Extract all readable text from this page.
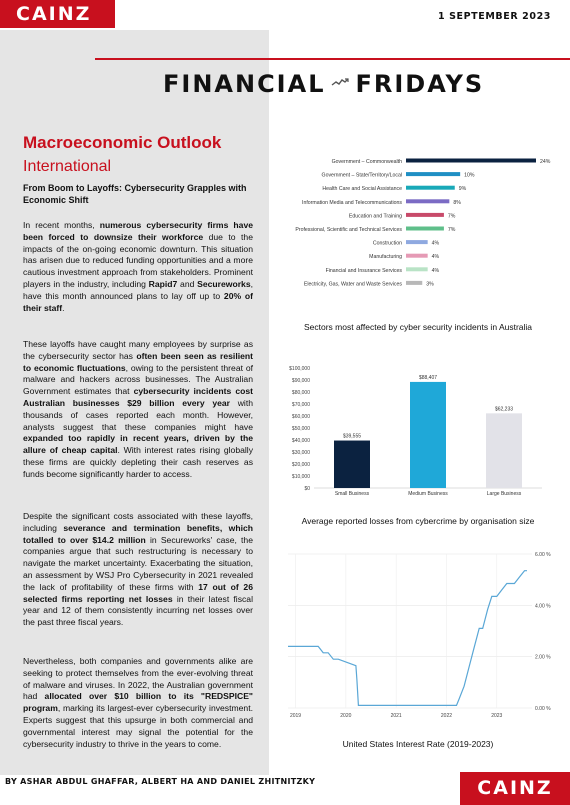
CAINZ	1 SEPTEMBER 2023
FINANCIAL FRIDAYS
Macroeconomic Outlook
International
From Boom to Layoffs: Cybersecurity Grapples with Economic Shift
In recent months, numerous cybersecurity firms have been forced to downsize their workforce due to the impacts of the on-going economic downturn. This situation has arisen due to reduced funding opportunities and a more cautious investment approach from stakeholders. Prominent players in the industry, including Rapid7 and Secureworks, have this month announced plans to lay off up to 20% of their staff.
These layoffs have caught many employees by surprise as the cybersecurity sector has often been seen as resilient to economic fluctuations, owing to the persistent threat of malware and hackers across businesses. The Australian Government estimates that cybersecurity incidents cost Australian businesses $29 billion every year with thousands of cases reported each month. However, analysts suggest that these companies might have expanded too rapidly in recent years, driven by the allure of cheap capital. With interest rates rising globally these firms are quickly depleting their cash reserves as funds become significantly harder to access.
Despite the significant costs associated with these layoffs, including severance and termination benefits, which totalled to over $14.2 million in Secureworks' case, the companies argue that such restructuring is necessary to navigate the market uncertainty. Exacerbating the situation, an assessment by WSJ Pro Cybersecurity in 2021 revealed the lack of profitability of these firms with 17 out of 26 selected firms reporting net losses in their latest fiscal year and 12 of them consistently incurring net losses over the past three fiscal years.
Nevertheless, both companies and governments alike are seeking to protect themselves from the ever-evolving threat of malware and viruses. In 2022, the Australian government had allocated over $10 billion to its "REDSPICE" program, marking its largest-ever cybersecurity investment. Experts suggest that this upsurge in both commercial and governmental interest may signal the potential for the cybersecurity industry to thrive in the years to come.
Government – Commonwealth	24%
Government – State/Territory/Local	10%
Health Care and Social Assistance	9%
Information Media and Telecommunications	8%
Education and Training	7%
Professional, Scientific and Technical Services	7%
Construction	4%
Manufacturing	4%
Financial and Insurance Services	4%
Electricity, Gas, Water and Waste Services	3%
Sectors most affected by cyber security incidents in Australia
$0
$10,000
$20,000
$30,000
$40,000
$50,000
$60,000
$70,000
$80,000
$90,000
$100,000
$39,555
Small Business
$88,407
Medium Business
$62,233
Large Business
Average reported losses from cybercrime by organisation size
0.00 %
2.00 %
4.00 %
6.00 %
2019	2020	2021	2022	2023
United States Interest Rate (2019-2023)
BY ASHAR ABDUL GHAFFAR, ALBERT HA AND DANIEL ZHITNITZKY	CAINZ
